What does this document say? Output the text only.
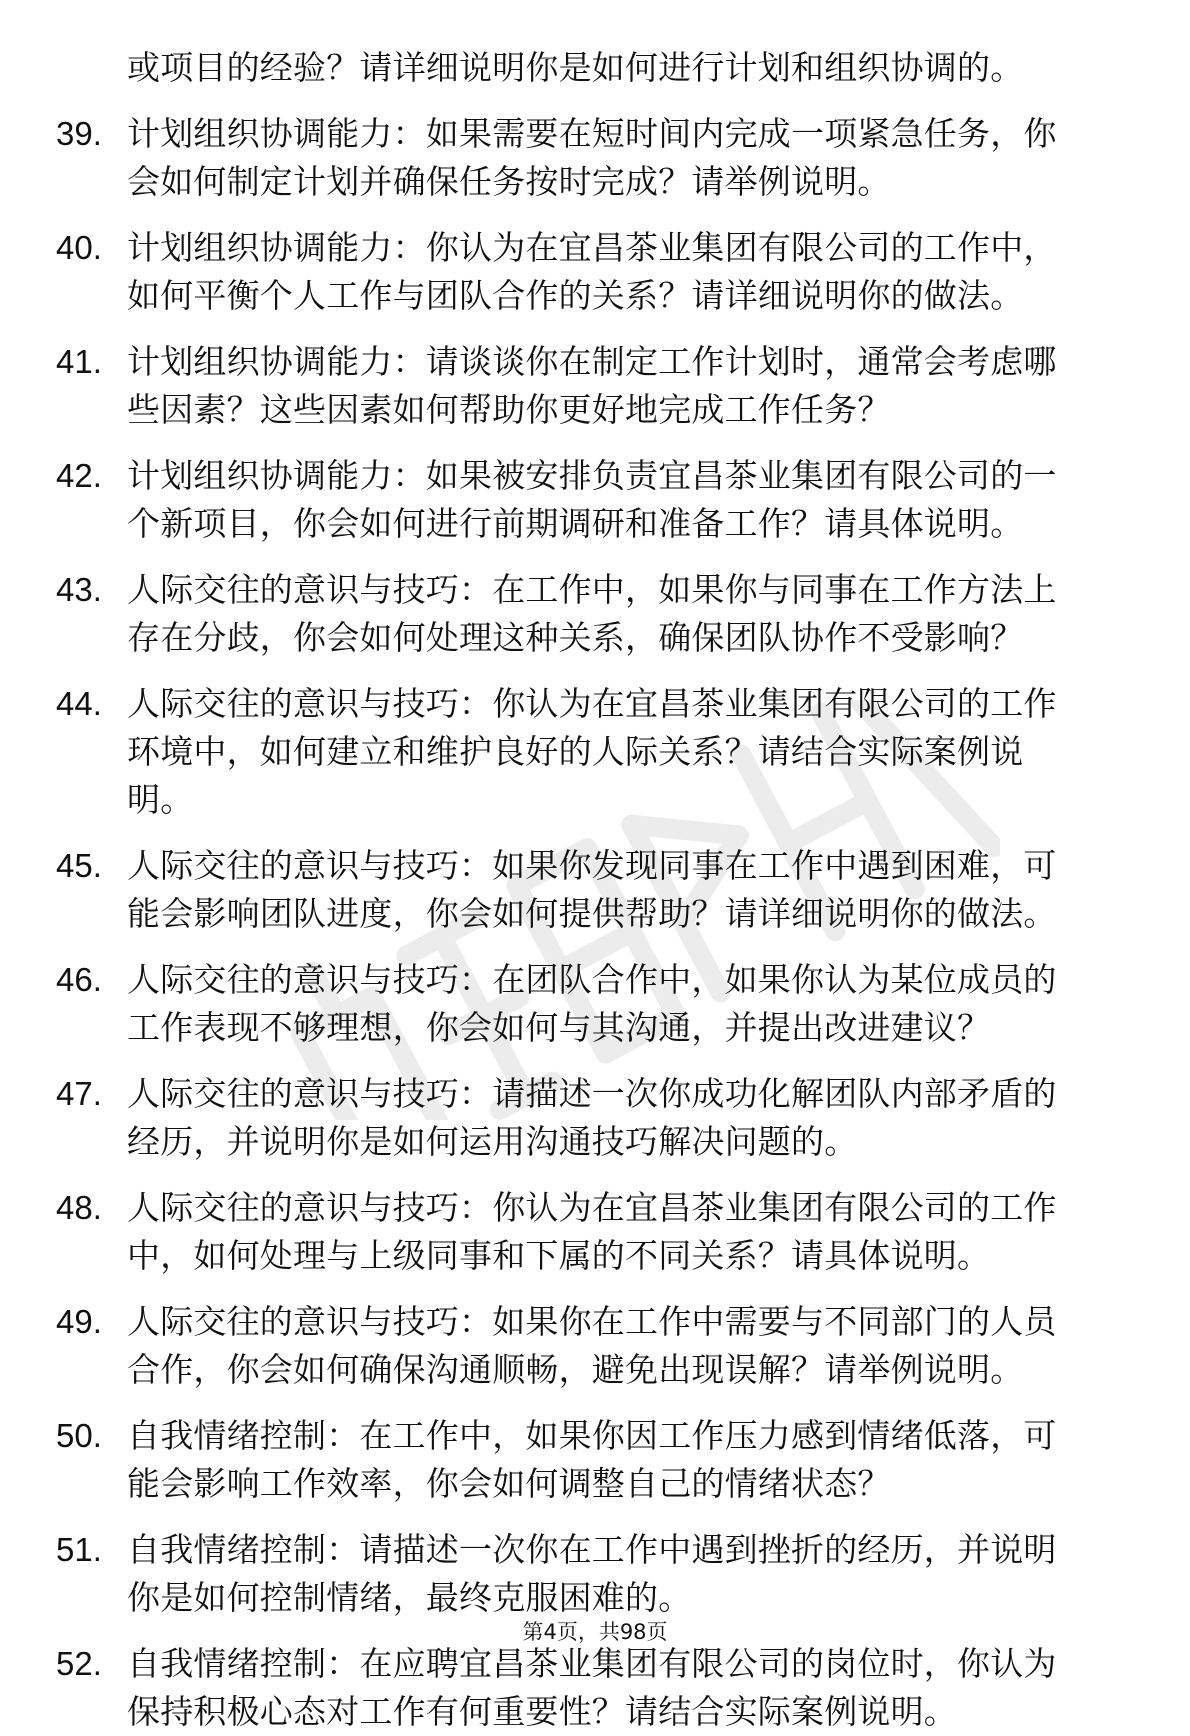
或项目的经验？请详细说明你是如何进行计划和组织协调的。
39. 计划组织协调能力：如果需要在短时间内完成一项紧急任务，你
会如何制定计划并确保任务按时完成？请举例说明。
40. 计划组织协调能力：你认为在宜昌茶业集团有限公司的工作中，
如何平衡个人工作与团队合作的关系？请详细说明你的做法。
41. 计划组织协调能力：请谈谈你在制定工作计划时，通常会考虑哪
些因素？这些因素如何帮助你更好地完成工作任务？
42. 计划组织协调能力：如果被安排负责宜昌茶业集团有限公司的一
个新项目，你会如何进行前期调研和准备工作？请具体说明。
43. 人际交往的意识与技巧：在工作中，如果你与同事在工作方法上
存在分歧，你会如何处理这种关系，确保团队协作不受影响？
44. 人际交往的意识与技巧：你认为在宜昌茶业集团有限公司的工作
环境中，如何建立和维护良好的人际关系？请结合实际案例说
明。
45. 人际交往的意识与技巧：如果你发现同事在工作中遇到困难，可
能会影响团队进度，你会如何提供帮助？请详细说明你的做法。
46. 人际交往的意识与技巧：在团队合作中，如果你认为某位成员的
工作表现不够理想，你会如何与其沟通，并提出改进建议？
47. 人际交往的意识与技巧：请描述一次你成功化解团队内部矛盾的
经历，并说明你是如何运用沟通技巧解决问题的。
48. 人际交往的意识与技巧：你认为在宜昌茶业集团有限公司的工作
中，如何处理与上级同事和下属的不同关系？请具体说明。
49. 人际交往的意识与技巧：如果你在工作中需要与不同部门的人员
合作，你会如何确保沟通顺畅，避免出现误解？请举例说明。
50. 自我情绪控制：在工作中，如果你因工作压力感到情绪低落，可
能会影响工作效率，你会如何调整自己的情绪状态？
51. 自我情绪控制：请描述一次你在工作中遇到挫折的经历，并说明
你是如何控制情绪，最终克服困难的。
52. 自我情绪控制：在应聘宜昌茶业集团有限公司的岗位时，你认为
保持积极心态对工作有何重要性？请结合实际案例说明。
第4页，共98页
